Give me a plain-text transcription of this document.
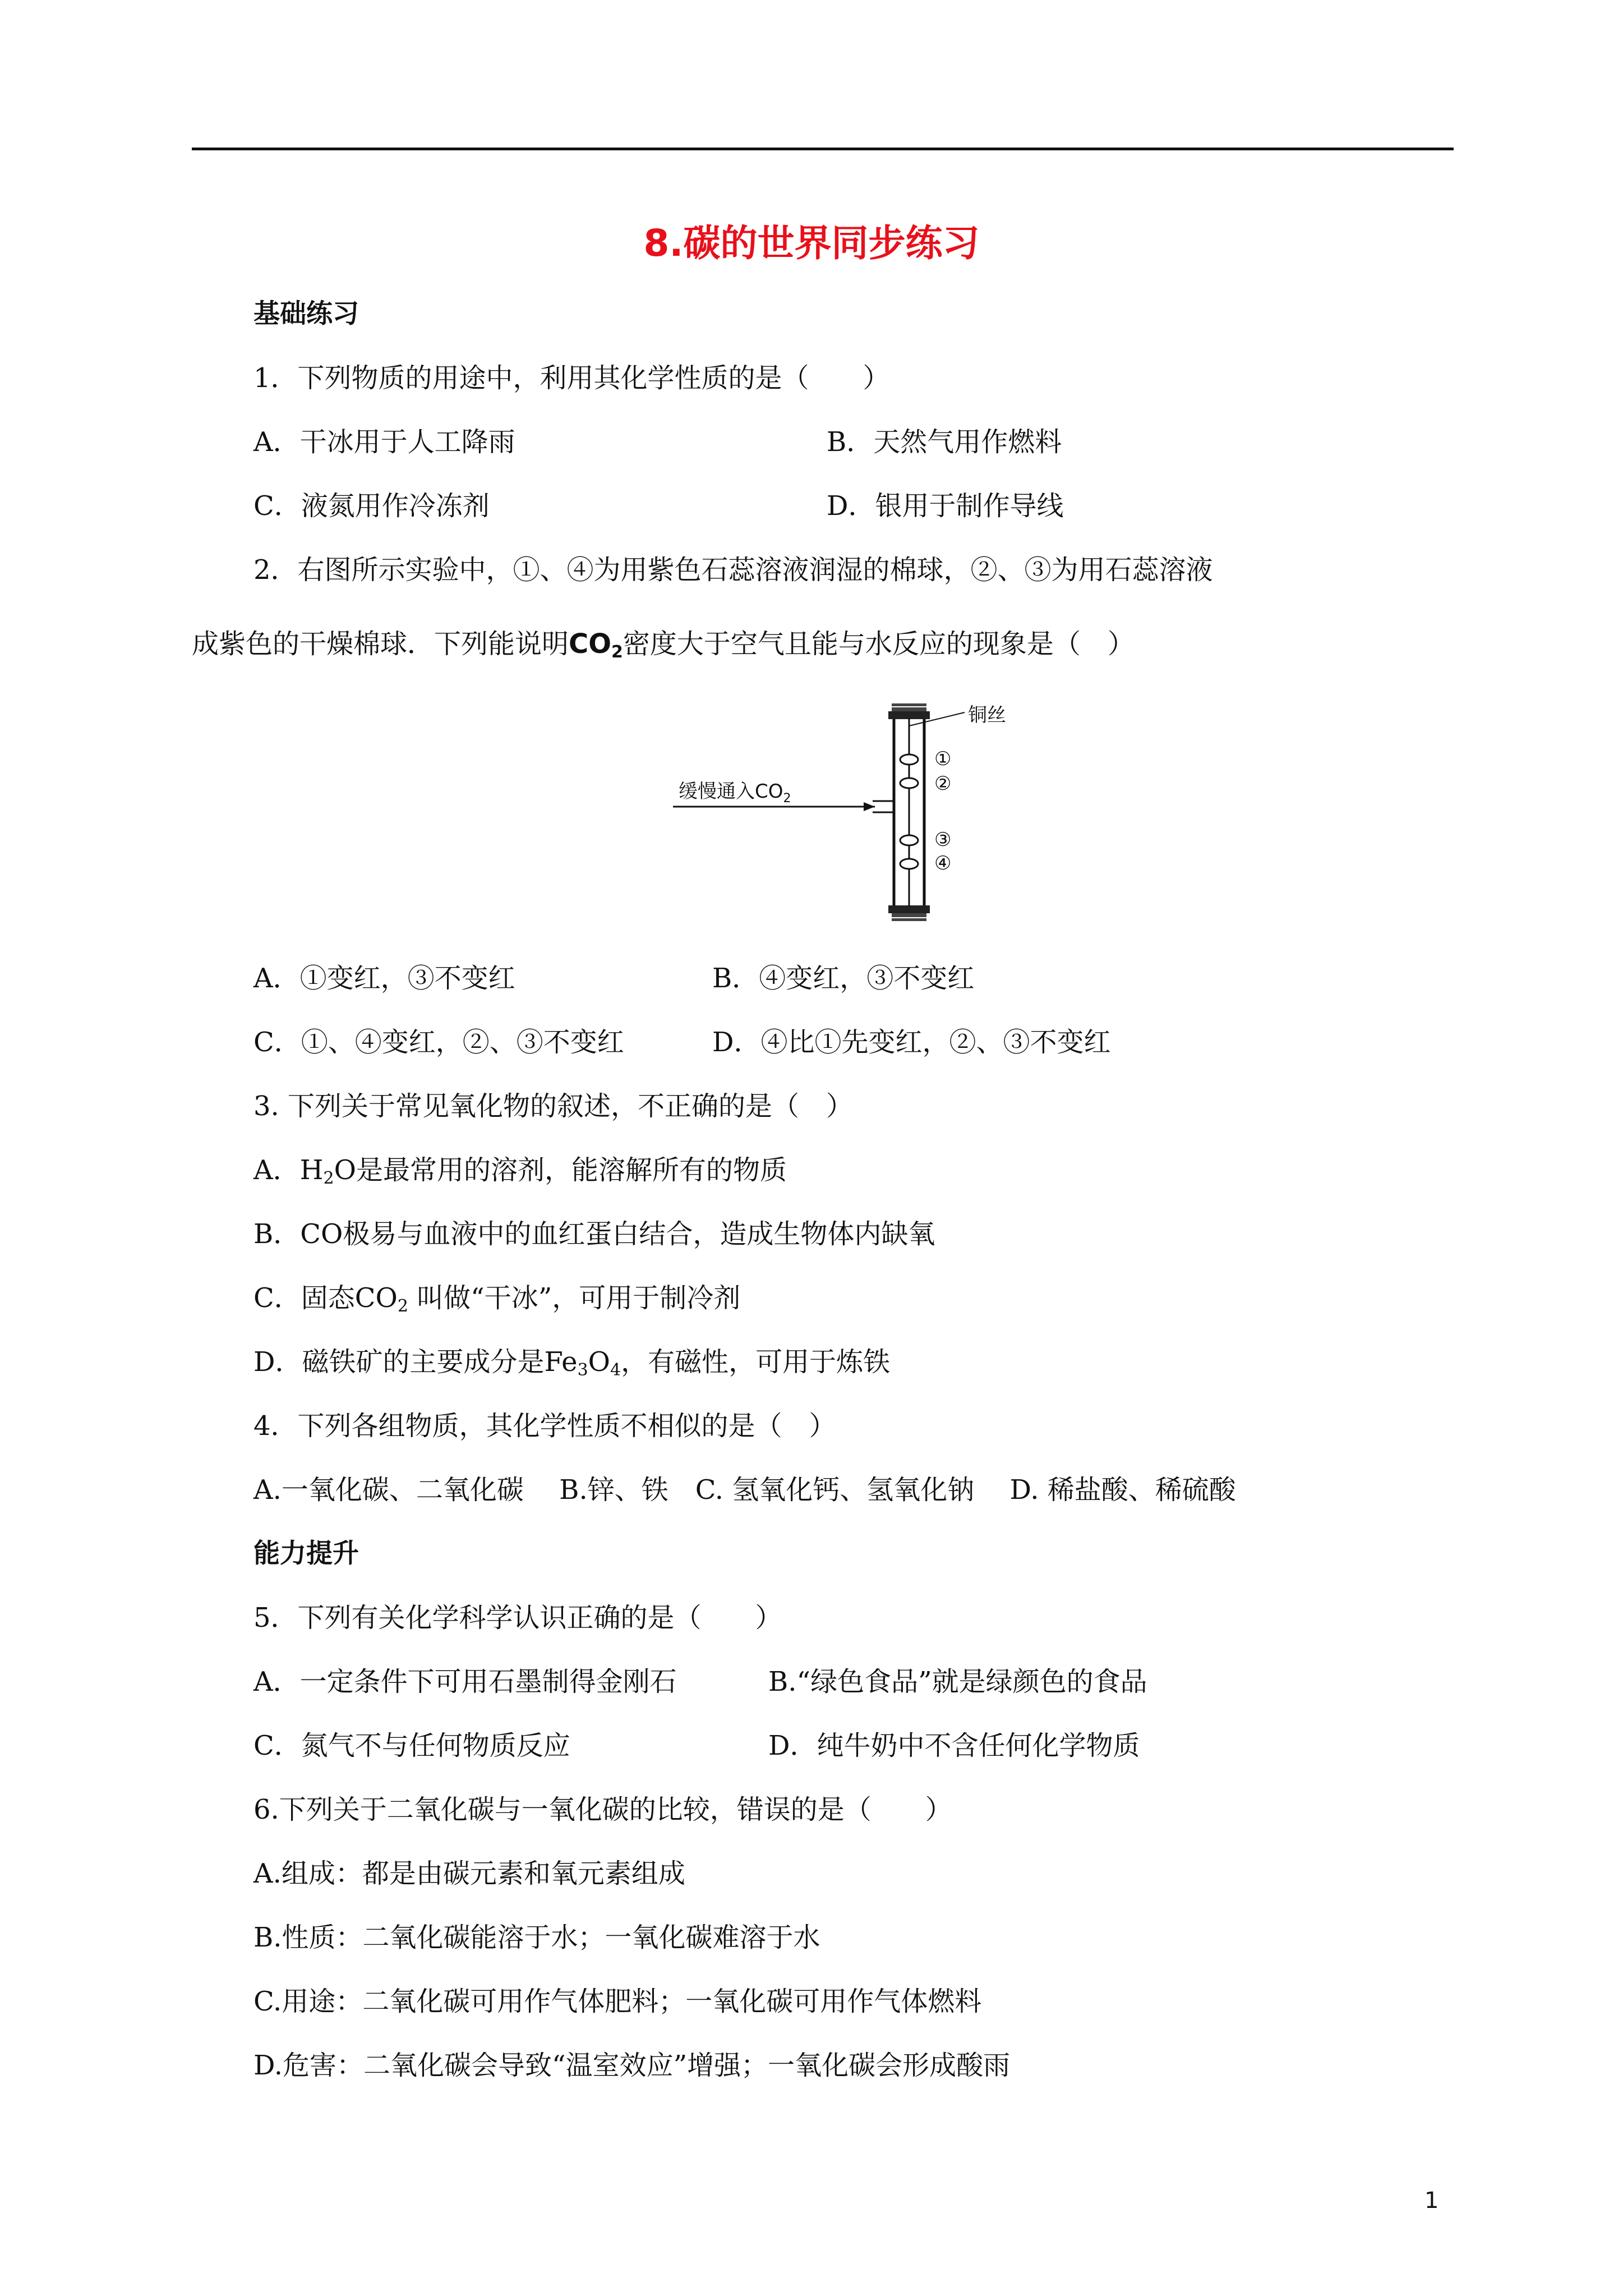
8.碳的世界同步练习
基础练习
1．下列物质的用途中，利用其化学性质的是（　　）
A．干冰用于人工降雨	B．天然气用作燃料
C．液氮用作冷冻剂	D．银用于制作导线
2．右图所示实验中，①、④为用紫色石蕊溶液润湿的棉球，②、③为用石蕊溶液
成紫色的干燥棉球．下列能说明$CO_2$密度大于空气且能与水反应的现象是（　）
铜丝
①
②
③
④
缓慢通入$CO_2$
A．①变红，③不变红	B．④变红，③不变红
C．①、④变红，②、③不变红	D．④比①先变红，②、③不变红
3. 下列关于常见氧化物的叙述，不正确的是（　）
A．$H_2O$是最常用的溶剂，能溶解所有的物质
B．CO极易与血液中的血红蛋白结合，造成生物体内缺氧
C．固态$CO_2$ 叫做“干冰”，可用于制冷剂
D．磁铁矿的主要成分是$Fe_3O_4$，有磁性，可用于炼铁
4．下列各组物质，其化学性质不相似的是（　）
A.一氧化碳、二氧化碳　 B.锌、铁　C. 氢氧化钙、氢氧化钠　 D. 稀盐酸、稀硫酸
能力提升
5．下列有关化学科学认识正确的是（　　）
A．一定条件下可用石墨制得金刚石	B.“绿色食品”就是绿颜色的食品
C．氮气不与任何物质反应	D．纯牛奶中不含任何化学物质
6.下列关于二氧化碳与一氧化碳的比较，错误的是（　　）
A.组成：都是由碳元素和氧元素组成
B.性质：二氧化碳能溶于水；一氧化碳难溶于水
C.用途：二氧化碳可用作气体肥料；一氧化碳可用作气体燃料
D.危害：二氧化碳会导致“温室效应”增强；一氧化碳会形成酸雨
1
